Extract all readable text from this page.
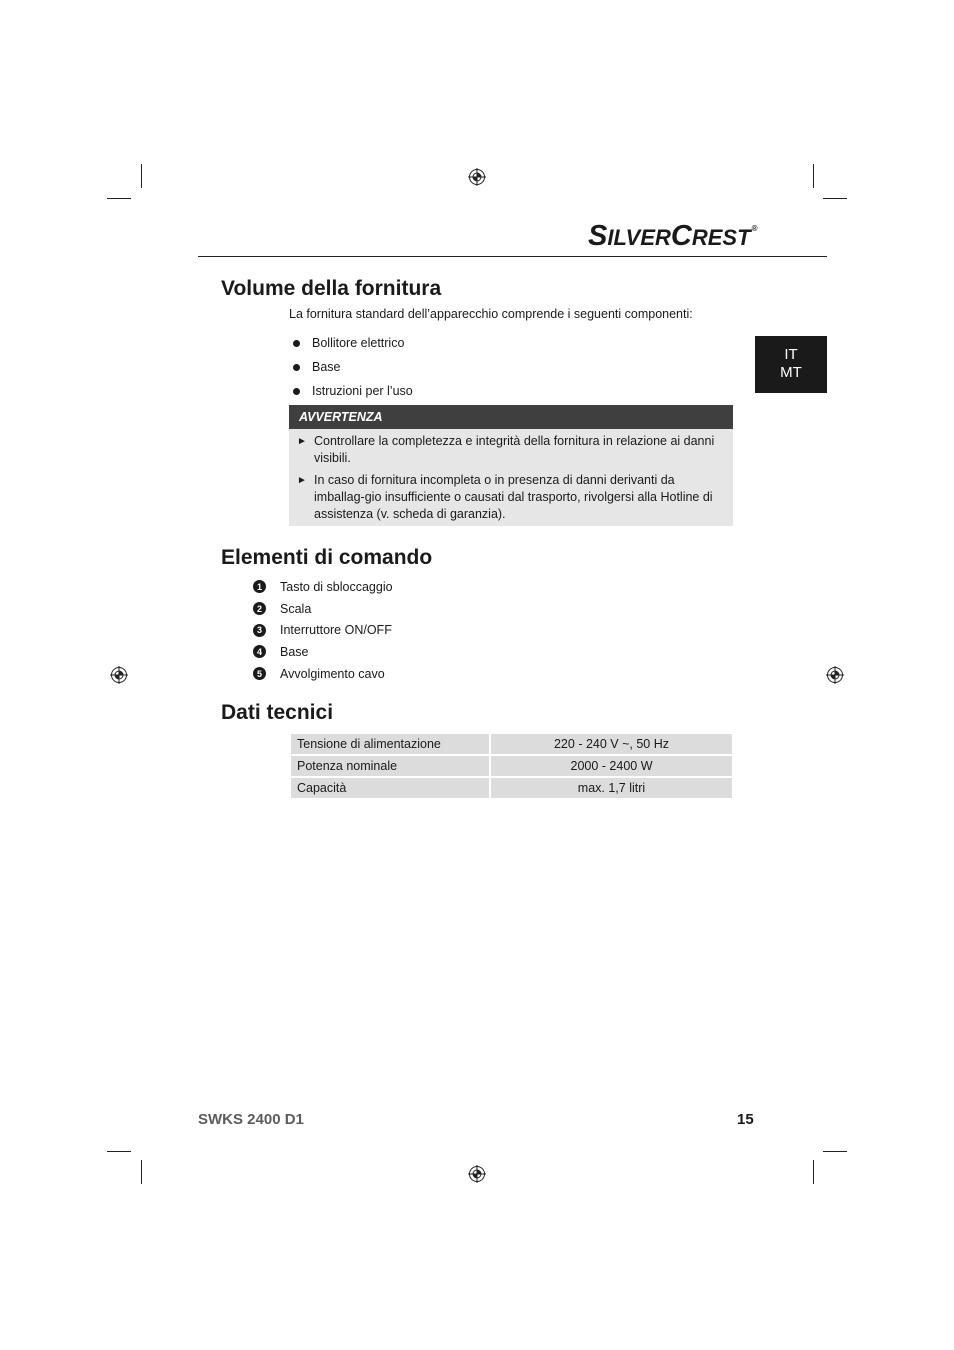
SILVERCREST®
IT
MT
Volume della fornitura
La fornitura standard dell’apparecchio comprende i seguenti componenti:
Bollitore elettrico
Base
Istruzioni per l’uso
AVVERTENZA
► Controllare la completezza e integrità della fornitura in relazione ai danni visibili.
► In caso di fornitura incompleta o in presenza di danni derivanti da imballag-gio insufficiente o causati dal trasporto, rivolgersi alla Hotline di assistenza (v. scheda di garanzia).
Elementi di comando
1	Tasto di sbloccaggio
2	Scala
3	Interruttore ON/OFF
4	Base
5	Avvolgimento cavo
Dati tecnici
Tensione di alimentazione	220 - 240 V ~, 50 Hz
Potenza nominale	2000 - 2400 W
Capacità	max. 1,7 litri
SWKS 2400 D1	15
